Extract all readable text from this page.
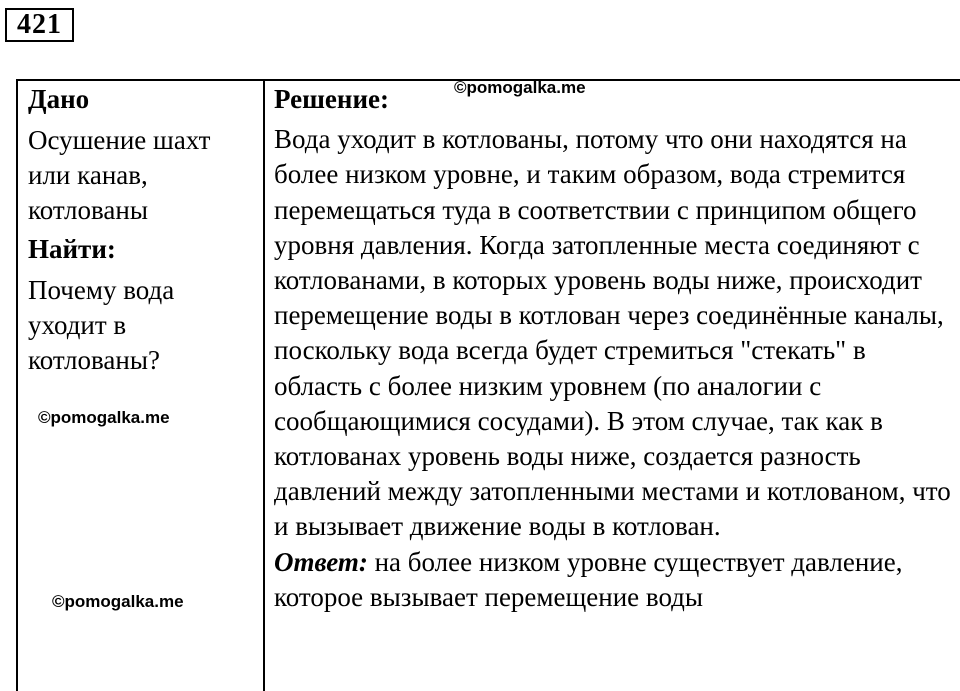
421
Дано
Осушение шахт или канав, котлованы
Найти:
Почему вода уходит в котлованы?
Решение:
Вода уходит в котлованы, потому что они находятся на более низком уровне, и таким образом, вода стремится перемещаться туда в соответствии с принципом общего уровня давления. Когда затопленные места соединяют с котлованами, в которых уровень воды ниже, происходит перемещение воды в котлован через соединённые каналы, поскольку вода всегда будет стремиться "стекать" в область с более низким уровнем (по аналогии с сообщающимися сосудами). В этом случае, так как в котлованах уровень воды ниже, создается разность давлений между затопленными местами и котлованом, что и вызывает движение воды в котлован.
Ответ: на более низком уровне существует давление, которое вызывает перемещение воды
©pomogalka.me
©pomogalka.me
©pomogalka.me
